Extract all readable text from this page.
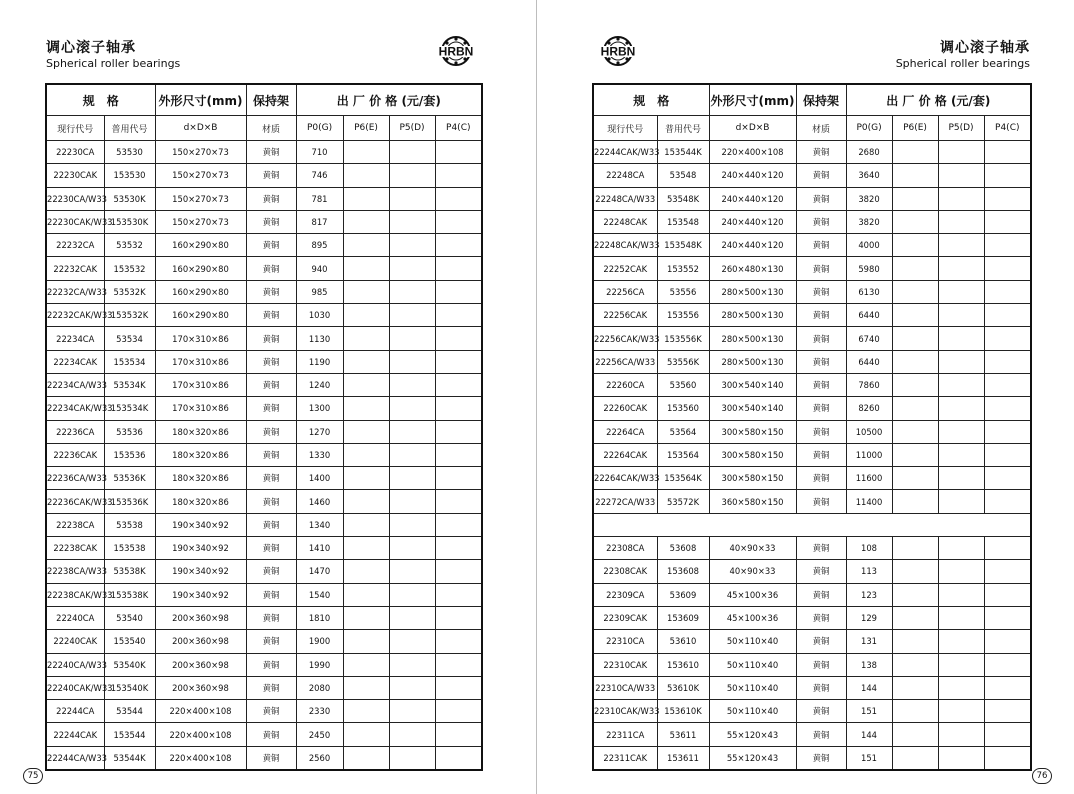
调心滚子轴承
Spherical roller bearings
HRBN
规　格		外形尺寸(mm)	保持架	出 厂 价 格 (元/套)			
现行代号	普用代号	d×D×B	材质	P0(G)	P6(E)	P5(D)	P4(C)
22230CA	53530	150×270×73	黄铜	710			
22230CAK	153530	150×270×73	黄铜	746			
22230CA/W33	53530K	150×270×73	黄铜	781			
22230CAK/W33	153530K	150×270×73	黄铜	817			
22232CA	53532	160×290×80	黄铜	895			
22232CAK	153532	160×290×80	黄铜	940			
22232CA/W33	53532K	160×290×80	黄铜	985			
22232CAK/W33	153532K	160×290×80	黄铜	1030			
22234CA	53534	170×310×86	黄铜	1130			
22234CAK	153534	170×310×86	黄铜	1190			
22234CA/W33	53534K	170×310×86	黄铜	1240			
22234CAK/W33	153534K	170×310×86	黄铜	1300			
22236CA	53536	180×320×86	黄铜	1270			
22236CAK	153536	180×320×86	黄铜	1330			
22236CA/W33	53536K	180×320×86	黄铜	1400			
22236CAK/W33	153536K	180×320×86	黄铜	1460			
22238CA	53538	190×340×92	黄铜	1340			
22238CAK	153538	190×340×92	黄铜	1410			
22238CA/W33	53538K	190×340×92	黄铜	1470			
22238CAK/W33	153538K	190×340×92	黄铜	1540			
22240CA	53540	200×360×98	黄铜	1810			
22240CAK	153540	200×360×98	黄铜	1900			
22240CA/W33	53540K	200×360×98	黄铜	1990			
22240CAK/W33	153540K	200×360×98	黄铜	2080			
22244CA	53544	220×400×108	黄铜	2330			
22244CAK	153544	220×400×108	黄铜	2450			
22244CA/W33	53544K	220×400×108	黄铜	2560			
75
HRBN	调心滚子轴承
Spherical roller bearings
规　格		外形尺寸(mm)	保持架	出 厂 价 格 (元/套)			
现行代号	普用代号	d×D×B	材质	P0(G)	P6(E)	P5(D)	P4(C)
22244CAK/W33	153544K	220×400×108	黄铜	2680			
22248CA	53548	240×440×120	黄铜	3640			
22248CA/W33	53548K	240×440×120	黄铜	3820			
22248CAK	153548	240×440×120	黄铜	3820			
22248CAK/W33	153548K	240×440×120	黄铜	4000			
22252CAK	153552	260×480×130	黄铜	5980			
22256CA	53556	280×500×130	黄铜	6130			
22256CAK	153556	280×500×130	黄铜	6440			
22256CAK/W33	153556K	280×500×130	黄铜	6740			
22256CA/W33	53556K	280×500×130	黄铜	6440			
22260CA	53560	300×540×140	黄铜	7860			
22260CAK	153560	300×540×140	黄铜	8260			
22264CA	53564	300×580×150	黄铜	10500			
22264CAK	153564	300×580×150	黄铜	11000			
22264CAK/W33	153564K	300×580×150	黄铜	11600			
22272CA/W33	53572K	360×580×150	黄铜	11400			

22308CA	53608	40×90×33	黄铜	108			
22308CAK	153608	40×90×33	黄铜	113			
22309CA	53609	45×100×36	黄铜	123			
22309CAK	153609	45×100×36	黄铜	129			
22310CA	53610	50×110×40	黄铜	131			
22310CAK	153610	50×110×40	黄铜	138			
22310CA/W33	53610K	50×110×40	黄铜	144			
22310CAK/W33	153610K	50×110×40	黄铜	151			
22311CA	53611	55×120×43	黄铜	144			
22311CAK	153611	55×120×43	黄铜	151			
76
